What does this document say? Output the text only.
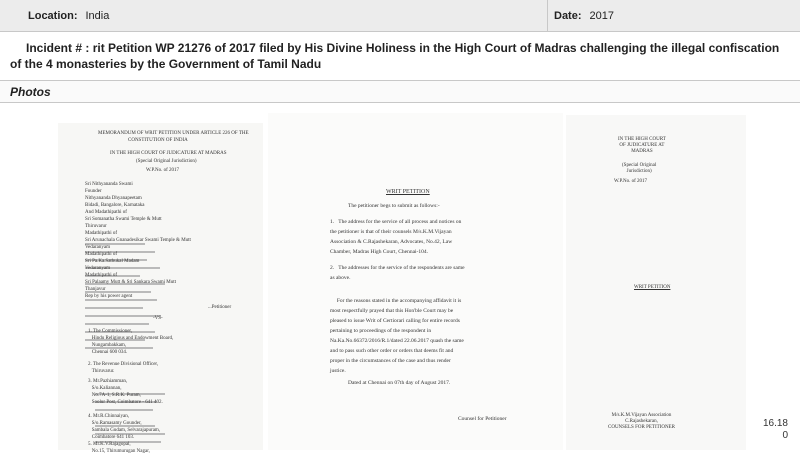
Location: India	Date: 2017
Incident # : rit Petition WP 21276 of 2017 filed by His Divine Holiness in the High Court of Madras challenging the illegal confiscation of the 4 monasteries by the Government of Tamil Nadu
Photos
MEMORANDUM OF WRIT PETITION UNDER ARTICLE 226 OF THE
CONSTITUTION OF INDIA
IN THE HIGH COURT OF JUDICATURE AT MADRAS
(Special Original Jurisdiction)
W.P.No. of 2017
Sri Nithyananda Swami
Founder
Nithyananda Dhyanapeetam
Bidadi, Bangalore, Karnataka
And Madathipathi of
Sri Somanatha Swami Temple & Mutt
Thiruvarur
Madathipathi of
Sri Arunachala Gnanadesikar Swami Temple & Mutt
Vedaranyam
Madathipathi of
Sri Pa.Ka.Sathukal Madam
Vedaranyam
Madathipathi of
Sri Palaamy Mutt & Sri Sankara Swami Mutt
Thanjavur
Rep by his power agent
...Petitioner
-VS-
1. The Commissioner,
Hindu Religious and Endowment Board,
Nungambakkam,
Chennai 600 034.
2. The Revenue Divisional Officer,
Thiruvarur.
3. Mr.Pazhiamman,
S/o.Kaliannan,
No.7A-1, S.R.K. Puram,
Soolur Post, Coimbatore - 641 402.
4. Mr.R.Chinnaiyan,
S/o.Ramasamy Gounder,
Sambala Gudam, Selvarajapuram,
Coimbatore 641 103.
5. Mr.K.V.Rajagopal,
No.15, Thirumurugan Nagar,
WRIT PETITION
The petitioner begs to submit as follows:-
1.   The address for the service of all process and notices on
the petitioner is that of their counsels M/s.K.M.Vijayan
Association & C.Rajashekaran, Advocates, No.42, Law
Chamber, Madras High Court, Chennai-104.
2.   The addresses for the service of the respondents are same
as above.
For the reasons stated in the accompanying affidavit it is
most respectfully prayed that this Hon'ble Court may be
pleased to issue Writ of Certiorari calling for entire records
pertaining to proceedings of the respondent in
Na.Ka.No.66372/2016/R.1/dated 22.06.2017 quash the same
and to pass such other order or orders that deems fit and
proper in the circumstances of the case and thus render
justice.
Dated at Chennai on 07th day of August 2017.
Counsel for Petitioner
IN THE HIGH COURT
OF JUDICATURE AT
MADRAS
(Special Original
Jurisdiction)
W.P.No. of 2017
WRIT PETITION
M/s.K.M.Vijayan Association
C.Rajashekaran,
COUNSELS FOR PETITIONER	16.18
0
